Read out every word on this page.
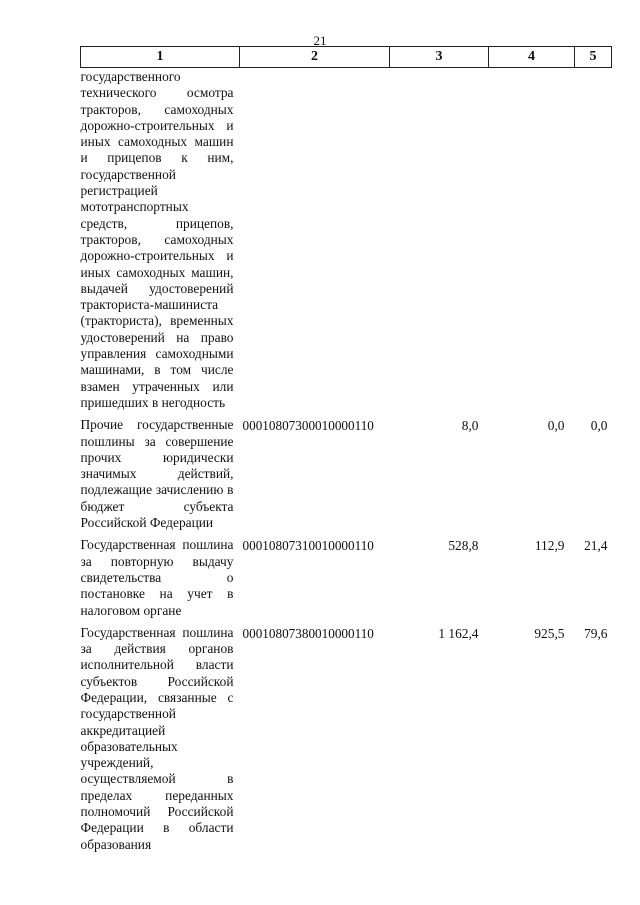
21
1	2	3	4	5
государственного технического осмотра тракторов, самоходных дорожно-строительных и иных самоходных машин и прицепов к ним, государственной регистрацией мототранспортных средств, прицепов, тракторов, самоходных дорожно-строительных и иных самоходных машин, выдачей удостоверений тракториста-машиниста (тракториста), временных удостоверений на право управления самоходными машинами, в том числе взамен утраченных или пришедших в негодность				
Прочие государственные пошлины за совершение прочих юридически значимых действий, подлежащие зачислению в бюджет субъекта Российской Федерации	00010807300010000110	8,0	0,0	0,0
Государственная пошлина за повторную выдачу свидетельства о постановке на учет в налоговом органе	00010807310010000110	528,8	112,9	21,4
Государственная пошлина за действия органов исполнительной власти субъектов Российской Федерации, связанные с государственной аккредитацией образовательных учреждений, осуществляемой в пределах переданных полномочий Российской Федерации в области образования	00010807380010000110	1 162,4	925,5	79,6
